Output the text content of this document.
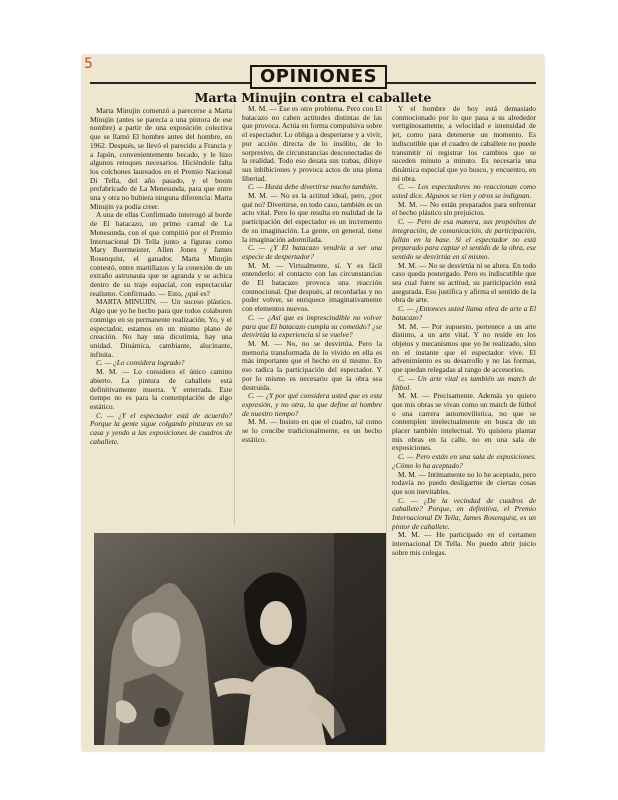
5
OPINIONES
Marta Minujin contra el caballete

Marta Minujin comenzó a parecerse a Marta Minujin (antes se parecía a una pintora de ese nombre) a partir de una exposición colectiva que se llamó El hombre antes del hombre, en 1962. Después, se llevó el parecido a Francia y a Japón, convenientemente becado, y le hizo algunos retoques necesarios. Hiciéndole falta los colchones laureados en el Premio Nacional Di Tella, del año pasado, y el boom prefabricado de La Menesunda, para que entre una y otra no hubiera ninguna diferencia: Marta Minujin ya podía creer.

A una de ellas Confirmado interrogó al borde de El batacazo, un primo carnal de La Menesunda, con el que compitió por el Premio Internacional Di Tella junto a figuras como Mary Buermeister, Allen Jones y James Rosenquist, el ganador. Marta Minujin contestó, entre martillazos y la conexión de un extraño astronauta que se agranda y se achica dentro de su traje espacial, con espectacular realismo. Confirmado. — Esto, ¿qué es?

MARTA MINUJIN. — Un suceso plástico. Algo que yo he hecho para que todos colaboren conmigo en su permanente realización. Yo, y el espectador, estamos en un mismo plano de creación. No hay una dicotimía, hay una unidad. Dinámica, cambiante, alucinante, infinita.

C. — ¿Lo considera logrado?

M. M. — Lo considero el único camino abierto. La pintura de caballete está definitivamente muerta. Y enterrada. Este tiempo no es para la contemplación de algo estático.

C. — ¿Y el espectador está de acuerdo? Porque la gente sigue colgando pinturas en su casa y yendo a las exposiciones de cuadros de caballete.

M. M. — Ese es otro problema. Pero con El batacazo no caben actitudes distintas de las que provoca. Actúa en forma compulsiva sobre el espectador. Lo obliga a despertarse y a vivir, por acción directa de lo insólito, de lo sorpresivo, de circunstancias desconectadas de la realidad. Todo eso desata sus trabas, diluye sus inhibiciones y provoca actos de una plena libertad.

C. — Hasta debe divertirse mucho también.

M. M. — No es la actitud ideal, pero, ¿por qué no? Divertirse, en todo caso, también es un acto vital. Pero lo que resulta en realidad de la participación del espectador es un incremento de su imaginación. La gente, en general, tiene la imaginación adormilada.

C. — ¿Y El batacazo vendría a ser una especie de despertador?

M. M. — Virtualmente, sí. Y es fácil entenderlo: el contacto con las circunstancias de El batacazo provoca una reacción conmocional. Que después, al recordarlas y no poder volver, se enriquece imaginativamente con elementos nuevos.

C. — ¿Así que es imprescindible no volver para que El batacazo cumpla su cometido? ¿se desvirtúa la experiencia si se vuelve?

M. M. — No, no se desvirtúa. Pero la memoria transformada de lo vivido en ella es más importante que el hecho en sí mismo. En eso radica la participación del espectador. Y por lo mismo es necesario que la obra sea destruida.

C. — ¿Y por qué considera usted que es esta expresión, y no otra, la que define al hombre de nuestro tiempo?

M. M. — Insisto en que el cuadro, tal como se lo concibe tradicionalmente, es un hecho estático.

Y el hombre de hoy está demasiado conmocionado por lo que pasa a su alrededor vertiginosamente, a velocidad e intensidad de jet, como para detenerse un momento. Es indiscutible que el cuadro de caballete no puede transmitir ni registrar los cambios que se suceden minuto a minuto. Es necesaria una dinámica especial que yo busco, y encuentro, en mi obra.

C. — Los espectadores no reaccionan como usted dice. Algunos se ríen y otros se indignan.

M. M. — No están preparados para enfrentar el hecho plástico sin prejuicios.

C. — Pero de esa manera, sus propósitos de integración, de comunicación, de participación, fallan en la base. Si el espectador no está preparado para captar el sentido de la obra, ese sentido se desvirtúa en sí mismo.

M. M. — No se desvirtúa ni se altera. En todo caso queda postergado. Pero es indiscutible que sea cual fuere su actitud, su participación está asegurada. Eso justifica y afirma el sentido de la obra de arte.

C. — ¿Entonces usted llama obra de arte a El batacazo?

M. M. — Por supuesto, pertenece a un arte distinto, a un arte vital. Y no reside en los objetos y mecanismos que yo he realizado, sino en el instante que el espectador vive. El advenimiento es su desarrollo y no las formas, que quedan relegadas al rango de accesorios.

C. — Un arte vital es también un match de fútbol.

M. M. — Precisamente. Además yo quiero que mis obras se vivan como un match de fútbol o una carrera automovilística, no que se contemplen intelectualmente en busca de un placer también intelectual. Yo quisiera plantar mis obras en la calle, no en una sala de exposiciones.

C. — Pero están en una sala de exposiciones. ¿Cómo lo ha aceptado?

M. M. — Intimamente no lo he aceptado, pero todavía no puedo desligarme de ciertas cosas que son inevitables.

C. — ¿De la vecindad de cuadros de caballete? Porque, en definitiva, el Premio Internacional Di Tella, James Rosenquist, es un pintor de caballete.

M. M. — He participado en el certamen internacional Di Tella. No puedo abrir juicio sobre mis colegas.
